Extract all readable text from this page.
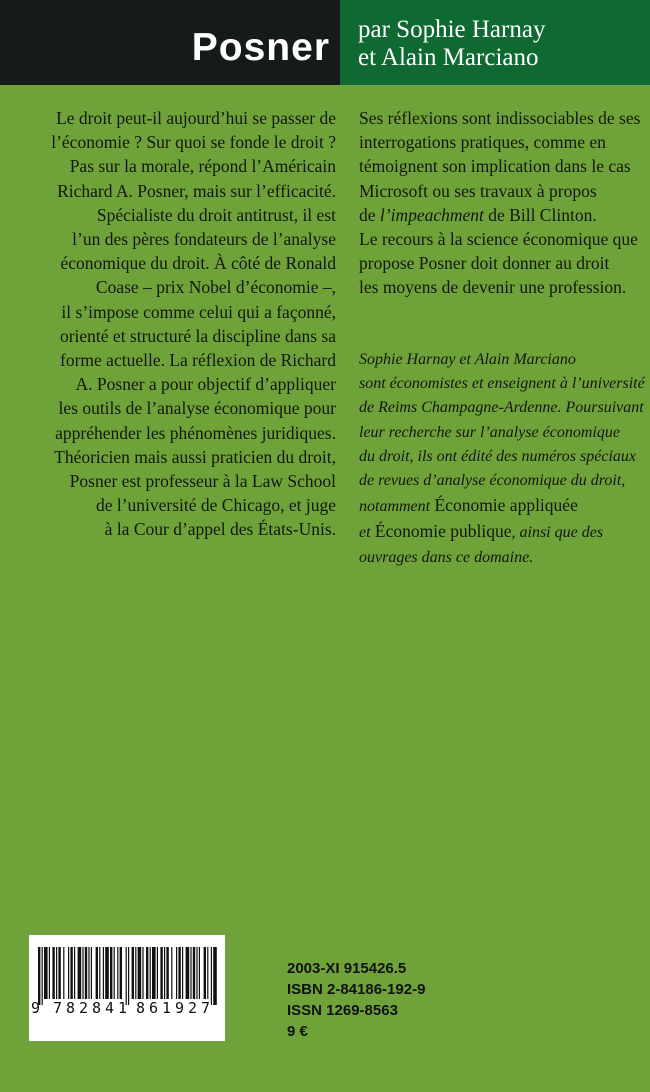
Posner par Sophie Harnay
et Alain Marciano
Le droit peut-il aujourd’hui se passer de
l’économie ? Sur quoi se fonde le droit ?
Pas sur la morale, répond l’Américain
Richard A. Posner, mais sur l’efficacité.
Spécialiste du droit antitrust, il est
l’un des pères fondateurs de l’analyse
économique du droit. À côté de Ronald
Coase – prix Nobel d’économie –,
il s’impose comme celui qui a façonné,
orienté et structuré la discipline dans sa
forme actuelle. La réflexion de Richard
A. Posner a pour objectif d’appliquer
les outils de l’analyse économique pour
appréhender les phénomènes juridiques.
Théoricien mais aussi praticien du droit,
Posner est professeur à la Law School
de l’université de Chicago, et juge
à la Cour d’appel des États-Unis.
Ses réflexions sont indissociables de ses
interrogations pratiques, comme en
témoignent son implication dans le cas
Microsoft ou ses travaux à propos
de l’impeachment de Bill Clinton.
Le recours à la science économique que
propose Posner doit donner au droit
les moyens de devenir une profession.
Sophie Harnay et Alain Marciano
sont économistes et enseignent à l’université
de Reims Champagne-Ardenne. Poursuivant
leur recherche sur l’analyse économique
du droit, ils ont édité des numéros spéciaux
de revues d’analyse économique du droit,
notamment Économie appliquée
et Économie publique, ainsi que des
ouvrages dans ce domaine.
9 7 8 2 8 4 1 8 6 1 9 2 7
2003-XI 915426.5
ISBN 2-84186-192-9
ISSN 1269-8563
9 €
